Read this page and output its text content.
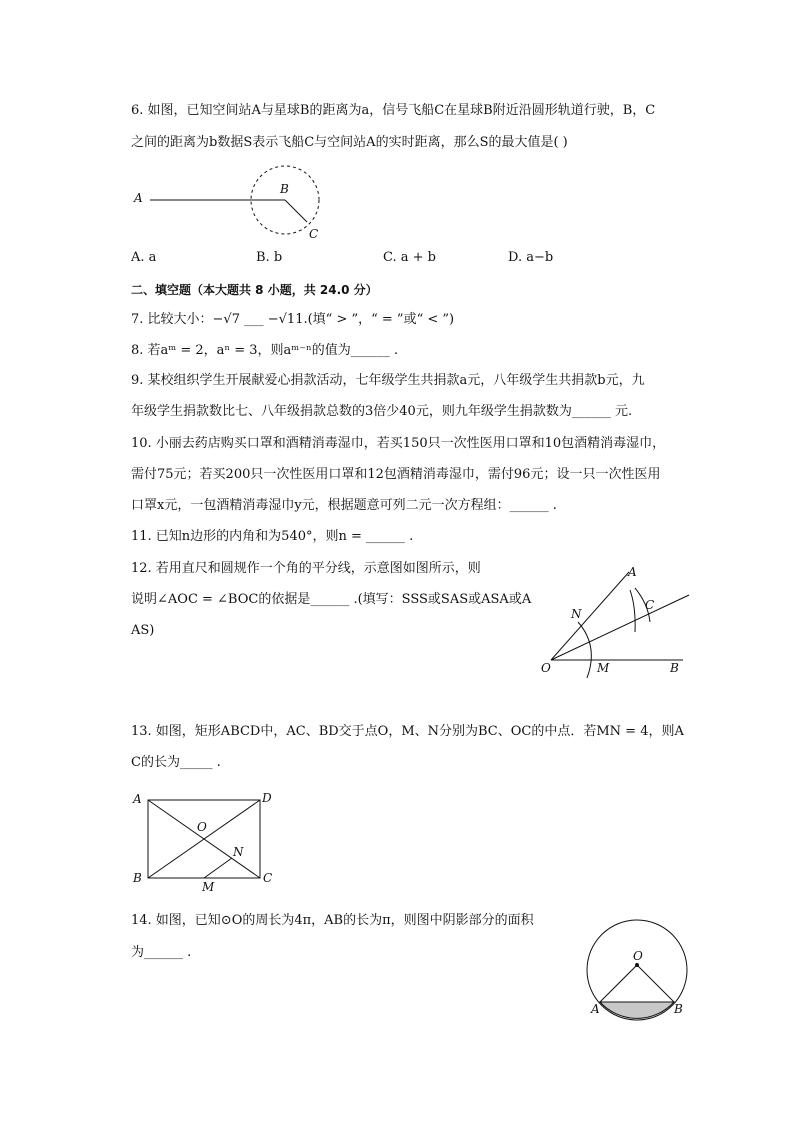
6. 如图，已知空间站A与星球B的距离为a，信号飞船C在星球B附近沿圆形轨道行驶，B，C
之间的距离为b数据S表示飞船C与空间站A的实时距离，那么S的最大值是( )
A
B
C
A. a	B. b	C. a + b	D. a−b
二、填空题（本大题共 8 小题，共 24.0 分）
7. 比较大小：−√7 ___ −√11.(填“ > ”，“ = ”或“ < ”)
8. 若aᵐ = 2，aⁿ = 3，则aᵐ⁻ⁿ的值为______ .
9. 某校组织学生开展献爱心捐款活动，七年级学生共捐款a元，八年级学生共捐款b元，九
年级学生捐款数比七、八年级捐款总数的3倍少40元，则九年级学生捐款数为______ 元.
10. 小丽去药店购买口罩和酒精消毒湿巾，若买150只一次性医用口罩和10包酒精消毒湿巾，
需付75元；若买200只一次性医用口罩和12包酒精消毒湿巾，需付96元；设一只一次性医用
口罩x元，一包酒精消毒湿巾y元，根据题意可列二元一次方程组：______ .
11. 已知n边形的内角和为540°，则n = ______ .
12. 若用直尺和圆规作一个角的平分线，示意图如图所示，则
说明∠AOC = ∠BOC的依据是______ .(填写：SSS或SAS或ASA或A
AS)
A
N
C
O	M	B
13. 如图，矩形ABCD中，AC、BD交于点O，M、N分别为BC、OC的中点．若MN = 4，则A
C的长为_____ .
A	D
O
N
B
M
C
14. 如图，已知⊙O的周长为4π，AB的长为π，则图中阴影部分的面积
为______ .	O
A	B
